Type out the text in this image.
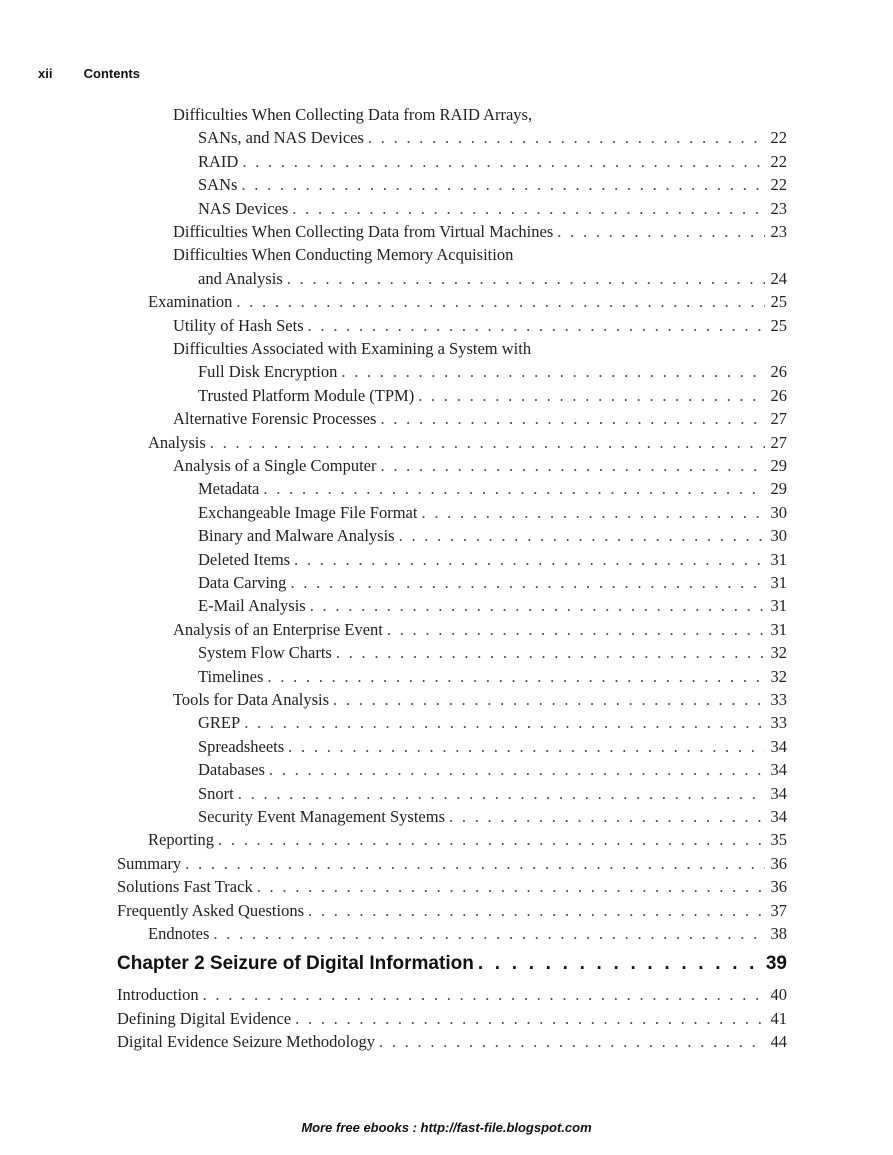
xii Contents
Difficulties When Collecting Data from RAID Arrays,
SANs, and NAS Devices . . .	22
RAID . . .	22
SANs . . .	22
NAS Devices . . .	23
Difficulties When Collecting Data from Virtual Machines . . .	23
Difficulties When Conducting Memory Acquisition
and Analysis . . .	24
Examination . . .	25
Utility of Hash Sets . . .	25
Difficulties Associated with Examining a System with
Full Disk Encryption . . .	26
Trusted Platform Module (TPM) . . .	26
Alternative Forensic Processes . . .	27
Analysis . . .	27
Analysis of a Single Computer . . .	29
Metadata . . .	29
Exchangeable Image File Format . . .	30
Binary and Malware Analysis . . .	30
Deleted Items . . .	31
Data Carving . . .	31
E-Mail Analysis . . .	31
Analysis of an Enterprise Event . . .	31
System Flow Charts . . .	32
Timelines . . .	32
Tools for Data Analysis . . .	33
GREP . . .	33
Spreadsheets . . .	34
Databases . . .	34
Snort . . .	34
Security Event Management Systems . . .	34
Reporting . . .	35
Summary . . .	36
Solutions Fast Track . . .	36
Frequently Asked Questions . . .	37
Endnotes . . .	38
Chapter 2 Seizure of Digital Information . . .	39
Introduction . . .	40
Defining Digital Evidence . . .	41
Digital Evidence Seizure Methodology . . .	44
More free ebooks : http://fast-file.blogspot.com
